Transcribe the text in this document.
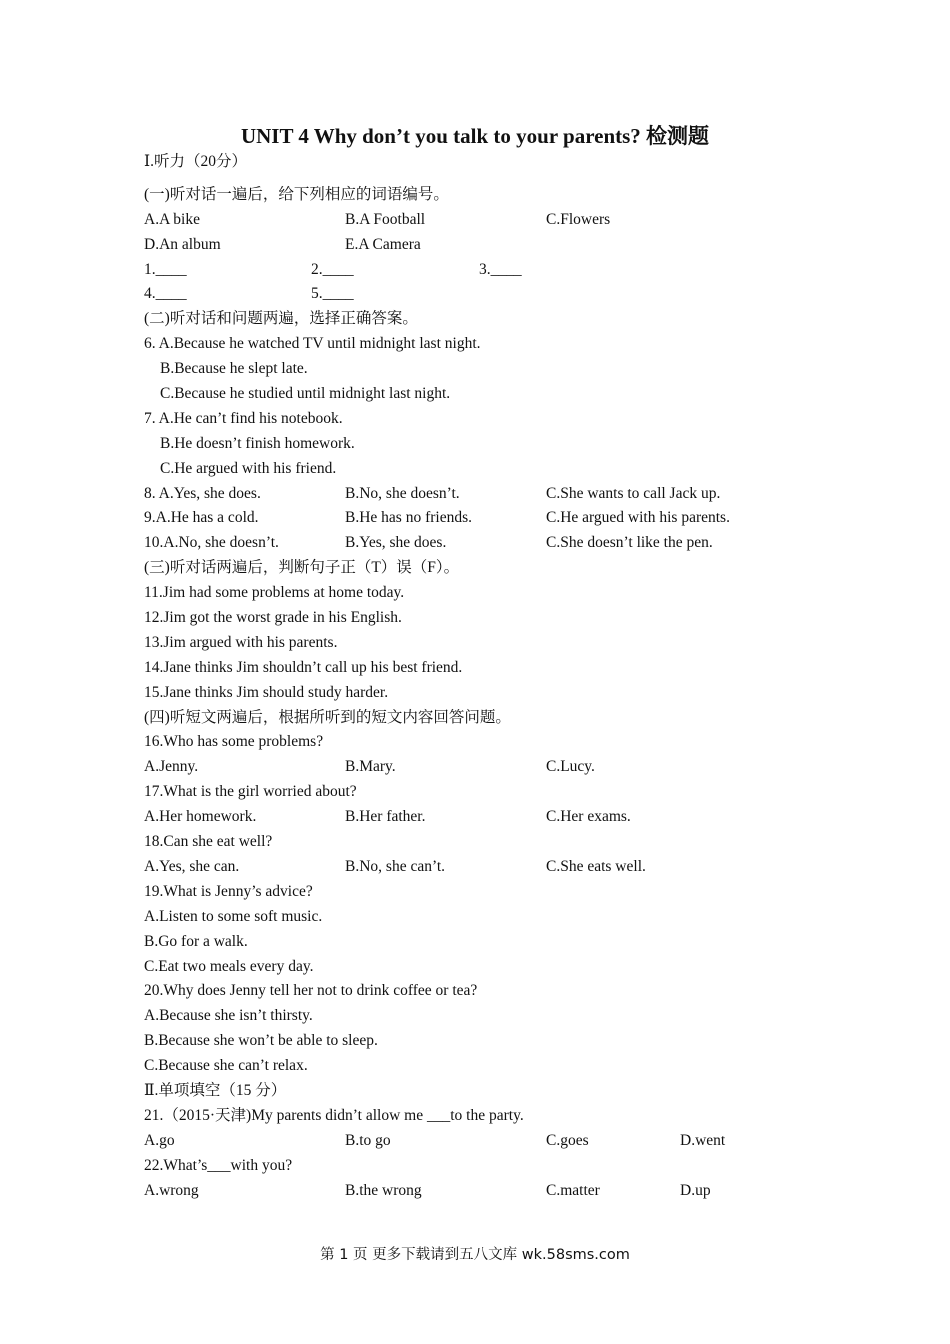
UNIT 4 Why don’t you talk to your parents? 检测题
Ⅰ.听力（20分）
(一)听对话一遍后，给下列相应的词语编号。
A.A bike	B.A Football	C.Flowers
D.An album	E.A Camera
1.____	2.____	3.____
4.____	5.____
(二)听对话和问题两遍，选择正确答案。
6. A.Because he watched TV until midnight last night.
B.Because he slept late.
C.Because he studied until midnight last night.
7. A.He can’t find his notebook.
B.He doesn’t finish homework.
C.He argued with his friend.
8. A.Yes, she does.	B.No, she doesn’t.	C.She wants to call Jack up.
9.A.He has a cold.	B.He has no friends.	C.He argued with his parents.
10.A.No, she doesn’t.	B.Yes, she does.	C.She doesn’t like the pen.
(三)听对话两遍后，判断句子正（T）误（F）。
11.Jim had some problems at home today.
12.Jim got the worst grade in his English.
13.Jim argued with his parents.
14.Jane thinks Jim shouldn’t call up his best friend.
15.Jane thinks Jim should study harder.
(四)听短文两遍后，根据所听到的短文内容回答问题。
16.Who has some problems?
A.Jenny.	B.Mary.	C.Lucy.
17.What is the girl worried about?
A.Her homework.	B.Her father.	C.Her exams.
18.Can she eat well?
A.Yes, she can.	B.No, she can’t.	C.She eats well.
19.What is Jenny’s advice?
A.Listen to some soft music.
B.Go for a walk.
C.Eat two meals every day.
20.Why does Jenny tell her not to drink coffee or tea?
A.Because she isn’t thirsty.
B.Because she won’t be able to sleep.
C.Because she can’t relax.
Ⅱ.单项填空（15 分）
21.（2015·天津)My parents didn’t allow me ___to the party.
A.go	B.to go	C.goes	D.went
22.What’s___with you?
A.wrong	B.the wrong	C.matter	D.up
第 1 页 更多下载请到五八文库 wk.58sms.com
